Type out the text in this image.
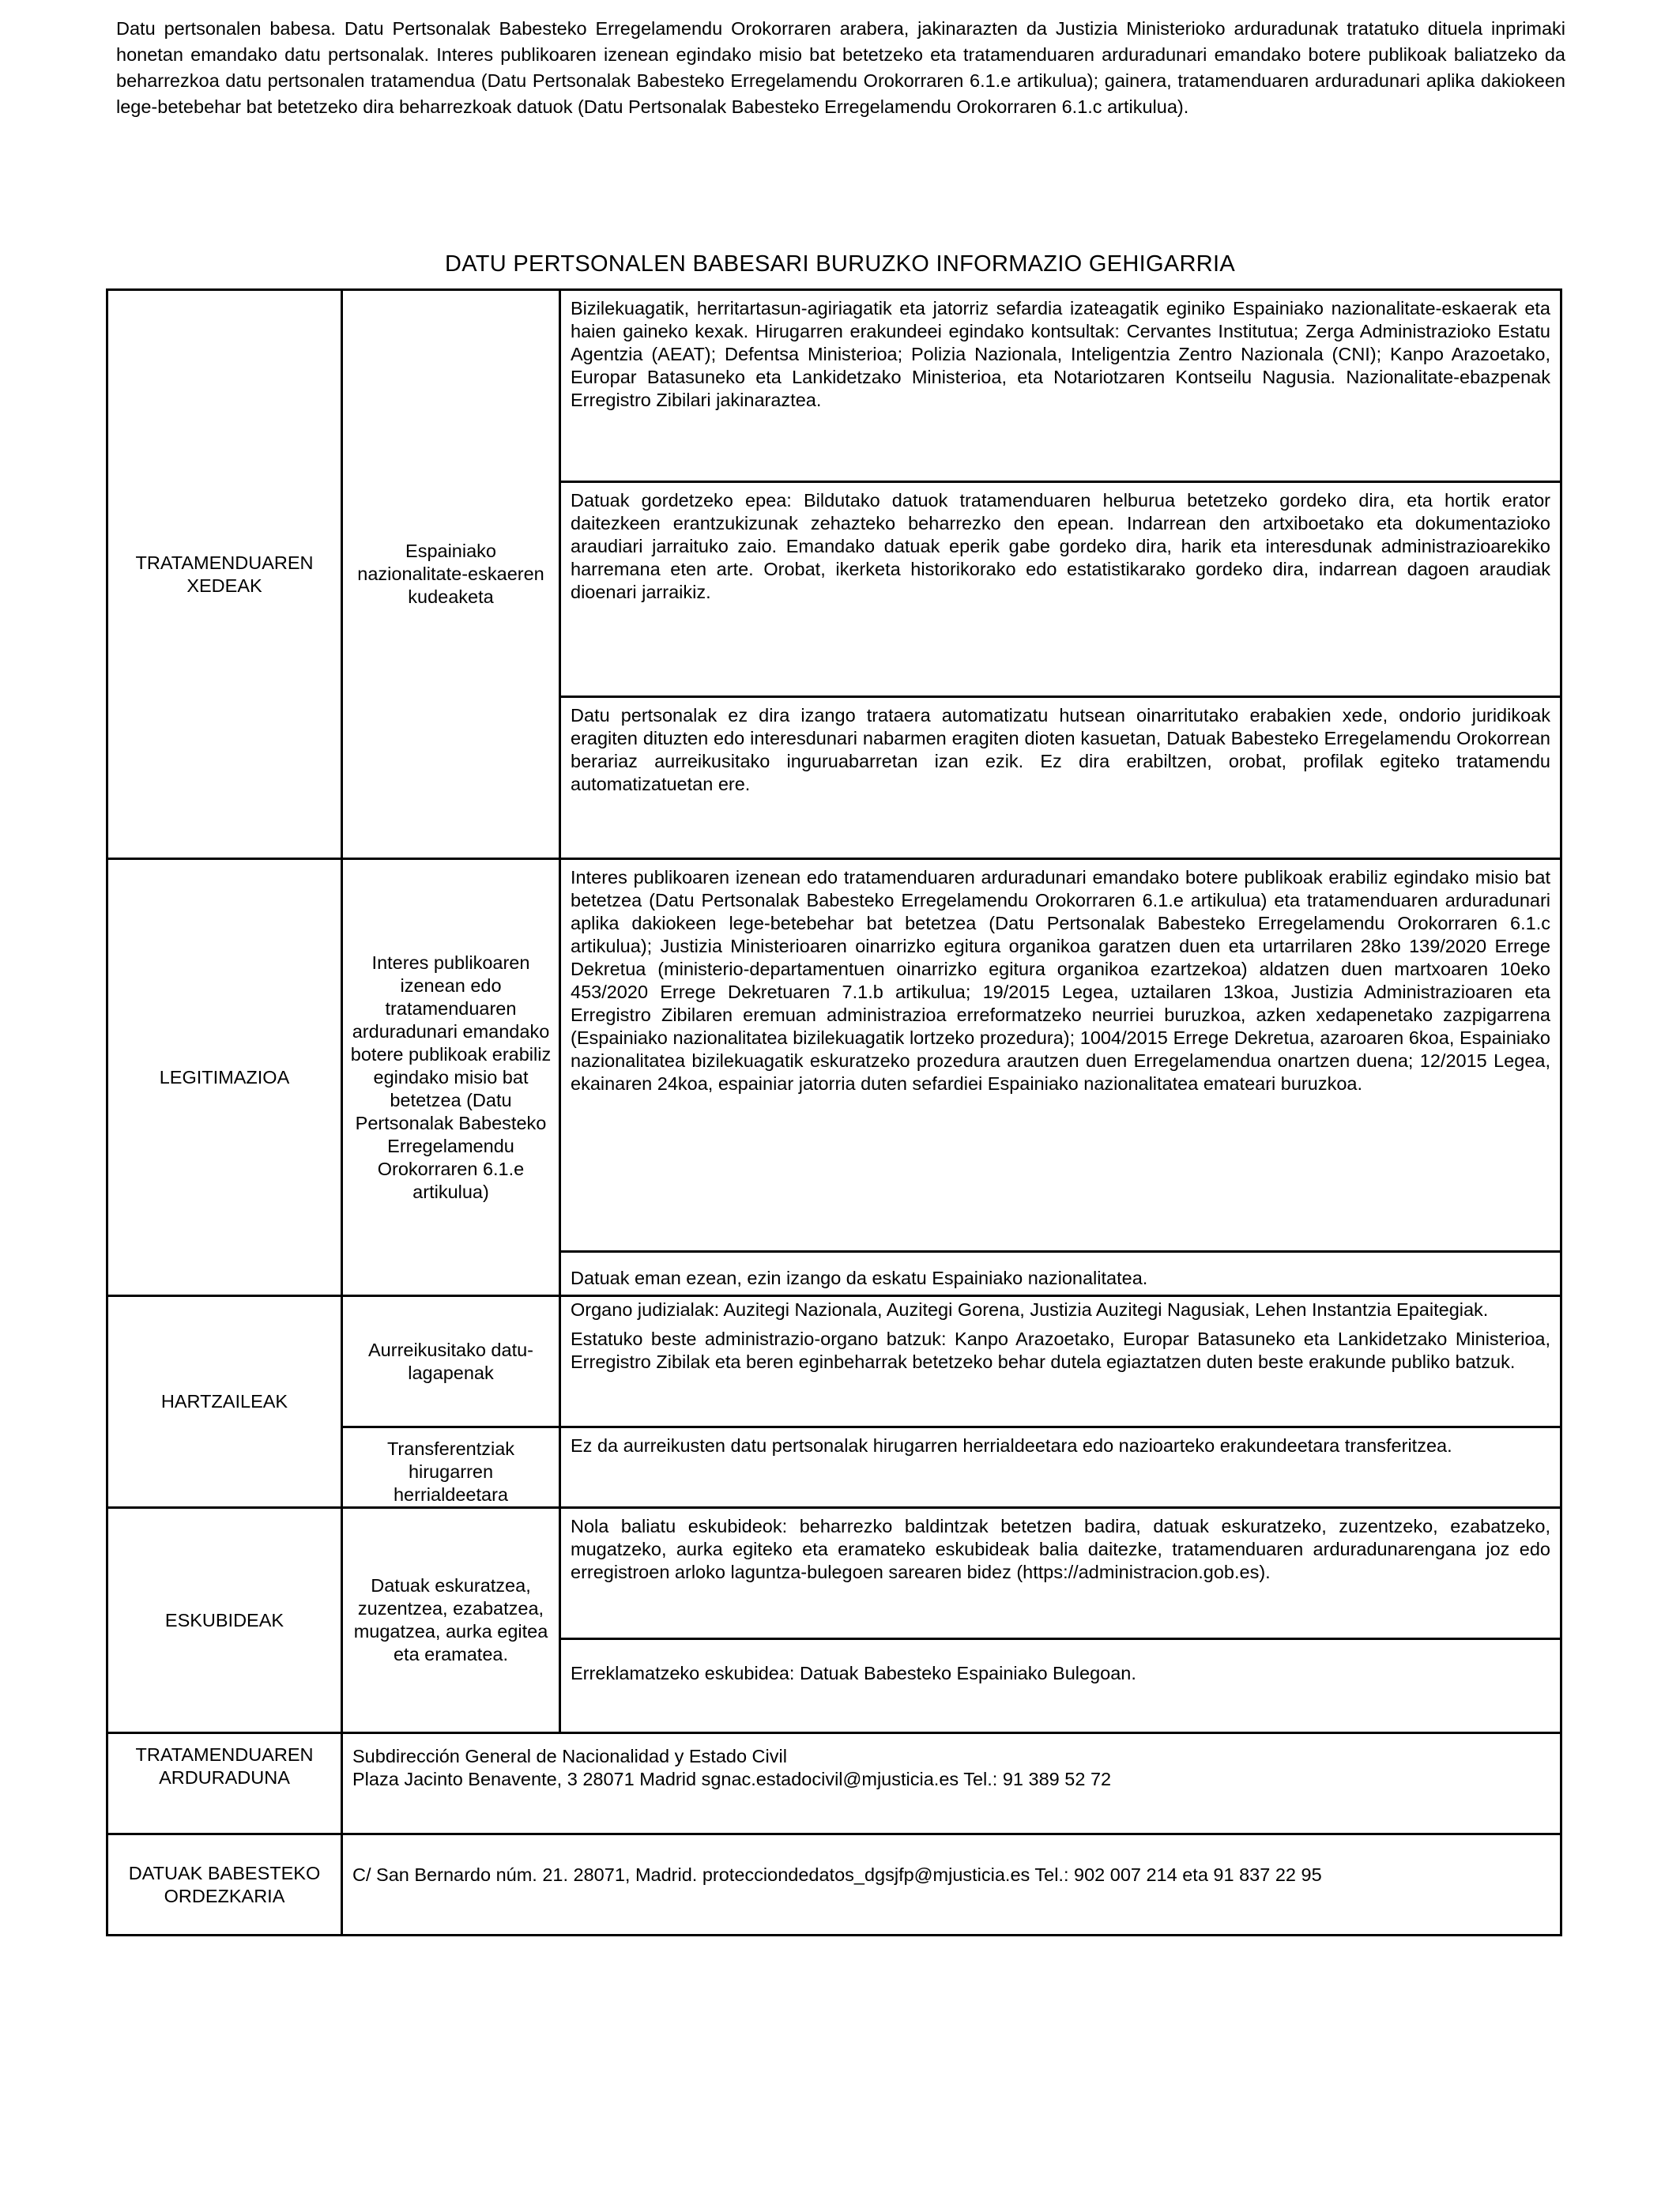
Datu pertsonalen babesa. Datu Pertsonalak Babesteko Erregelamendu Orokorraren arabera, jakinarazten da Justizia Ministerioko arduradunak tratatuko dituela inprimaki honetan emandako datu pertsonalak. Interes publikoaren izenean egindako misio bat betetzeko eta tratamenduaren arduradunari emandako botere publikoak baliatzeko da beharrezkoa datu pertsonalen tratamendua (Datu Pertsonalak Babesteko Erregelamendu Orokorraren 6.1.e artikulua); gainera, tratamenduaren arduradunari aplika dakiokeen lege-betebehar bat betetzeko dira beharrezkoak datuok (Datu Pertsonalak Babesteko Erregelamendu Orokorraren 6.1.c artikulua).

DATU PERTSONALEN BABESARI BURUZKO INFORMAZIO GEHIGARRIA
TRATAMENDUAREN XEDEAK	Espainiako nazionalitate-eskaeren kudeaketa	Bizilekuagatik, herritartasun-agiriagatik eta jatorriz sefardia izateagatik eginiko Espainiako nazionalitate-eskaerak eta haien gaineko kexak. Hirugarren erakundeei egindako kontsultak: Cervantes Institutua; Zerga Administrazioko Estatu Agentzia (AEAT); Defentsa Ministerioa; Polizia Nazionala, Inteligentzia Zentro Nazionala (CNI); Kanpo Arazoetako, Europar Batasuneko eta Lankidetzako Ministerioa, eta Notariotzaren Kontseilu Nagusia. Nazionalitate-ebazpenak Erregistro Zibilari jakinaraztea.
		Datuak gordetzeko epea: Bildutako datuok tratamenduaren helburua betetzeko gordeko dira, eta hortik erator daitezkeen erantzukizunak zehazteko beharrezko den epean. Indarrean den artxiboetako eta dokumentazioko araudiari jarraituko zaio. Emandako datuak eperik gabe gordeko dira, harik eta interesdunak administrazioarekiko harremana eten arte. Orobat, ikerketa historikorako edo estatistikarako gordeko dira, indarrean dagoen araudiak dioenari jarraikiz.
		Datu pertsonalak ez dira izango trataera automatizatu hutsean oinarritutako erabakien xede, ondorio juridikoak eragiten dituzten edo interesdunari nabarmen eragiten dioten kasuetan, Datuak Babesteko Erregelamendu Orokorrean berariaz aurreikusitako inguruabarretan izan ezik. Ez dira erabiltzen, orobat, profilak egiteko tratamendu automatizatuetan ere.
LEGITIMAZIOA	Interes publikoaren izenean edo tratamenduaren arduradunari emandako botere publikoak erabiliz egindako misio bat betetzea (Datu Pertsonalak Babesteko Erregelamendu Orokorraren 6.1.e artikulua)	Interes publikoaren izenean edo tratamenduaren arduradunari emandako botere publikoak erabiliz egindako misio bat betetzea (Datu Pertsonalak Babesteko Erregelamendu Orokorraren 6.1.e artikulua) eta tratamenduaren arduradunari aplika dakiokeen lege-betebehar bat betetzea (Datu Pertsonalak Babesteko Erregelamendu Orokorraren 6.1.c artikulua); Justizia Ministerioaren oinarrizko egitura organikoa garatzen duen eta urtarrilaren 28ko 139/2020 Errege Dekretua (ministerio-departamentuen oinarrizko egitura organikoa ezartzekoa) aldatzen duen martxoaren 10eko 453/2020 Errege Dekretuaren 7.1.b artikulua; 19/2015 Legea, uztailaren 13koa, Justizia Administrazioaren eta Erregistro Zibilaren eremuan administrazioa erreformatzeko neurriei buruzkoa, azken xedapenetako zazpigarrena (Espainiako nazionalitatea bizilekuagatik lortzeko prozedura); 1004/2015 Errege Dekretua, azaroaren 6koa, Espainiako nazionalitatea bizilekuagatik eskuratzeko prozedura arautzen duen Erregelamendua onartzen duena; 12/2015 Legea, ekainaren 24koa, espainiar jatorria duten sefardiei Espainiako nazionalitatea emateari buruzkoa.
		Datuak eman ezean, ezin izango da eskatu Espainiako nazionalitatea.
HARTZAILEAK	Aurreikusitako datu-lagapenak	Organo judizialak: Auzitegi Nazionala, Auzitegi Gorena, Justizia Auzitegi Nagusiak, Lehen Instantzia Epaitegiak.

Estatuko beste administrazio-organo batzuk: Kanpo Arazoetako, Europar Batasuneko eta Lankidetzako Ministerioa, Erregistro Zibilak eta beren eginbeharrak betetzeko behar dutela egiaztatzen duten beste erakunde publiko batzuk.

	Transferentziak hirugarren herrialdeetara	Ez da aurreikusten datu pertsonalak hirugarren herrialdeetara edo nazioarteko erakundeetara transferitzea.
ESKUBIDEAK	Datuak eskuratzea, zuzentzea, ezabatzea, mugatzea, aurka egitea eta eramatea.	Nola baliatu eskubideok: beharrezko baldintzak betetzen badira, datuak eskuratzeko, zuzentzeko, ezabatzeko, mugatzeko, aurka egiteko eta eramateko eskubideak balia daitezke, tratamenduaren arduradunarengana joz edo erregistroen arloko laguntza-bulegoen sarearen bidez (https://administracion.gob.es).
		Erreklamatzeko eskubidea: Datuak Babesteko Espainiako Bulegoan.
TRATAMENDUAREN ARDURADUNA	Subdirección General de Nacionalidad y Estado Civil
Plaza Jacinto Benavente, 3 28071 Madrid sgnac.estadocivil@mjusticia.es Tel.: 91 389 52 72	

DATUAK BABESTEKO ORDEZKARIA	C/ San Bernardo núm. 21. 28071, Madrid. protecciondedatos_dgsjfp@mjusticia.es Tel.: 902 007 214 eta 91 837 22 95	
